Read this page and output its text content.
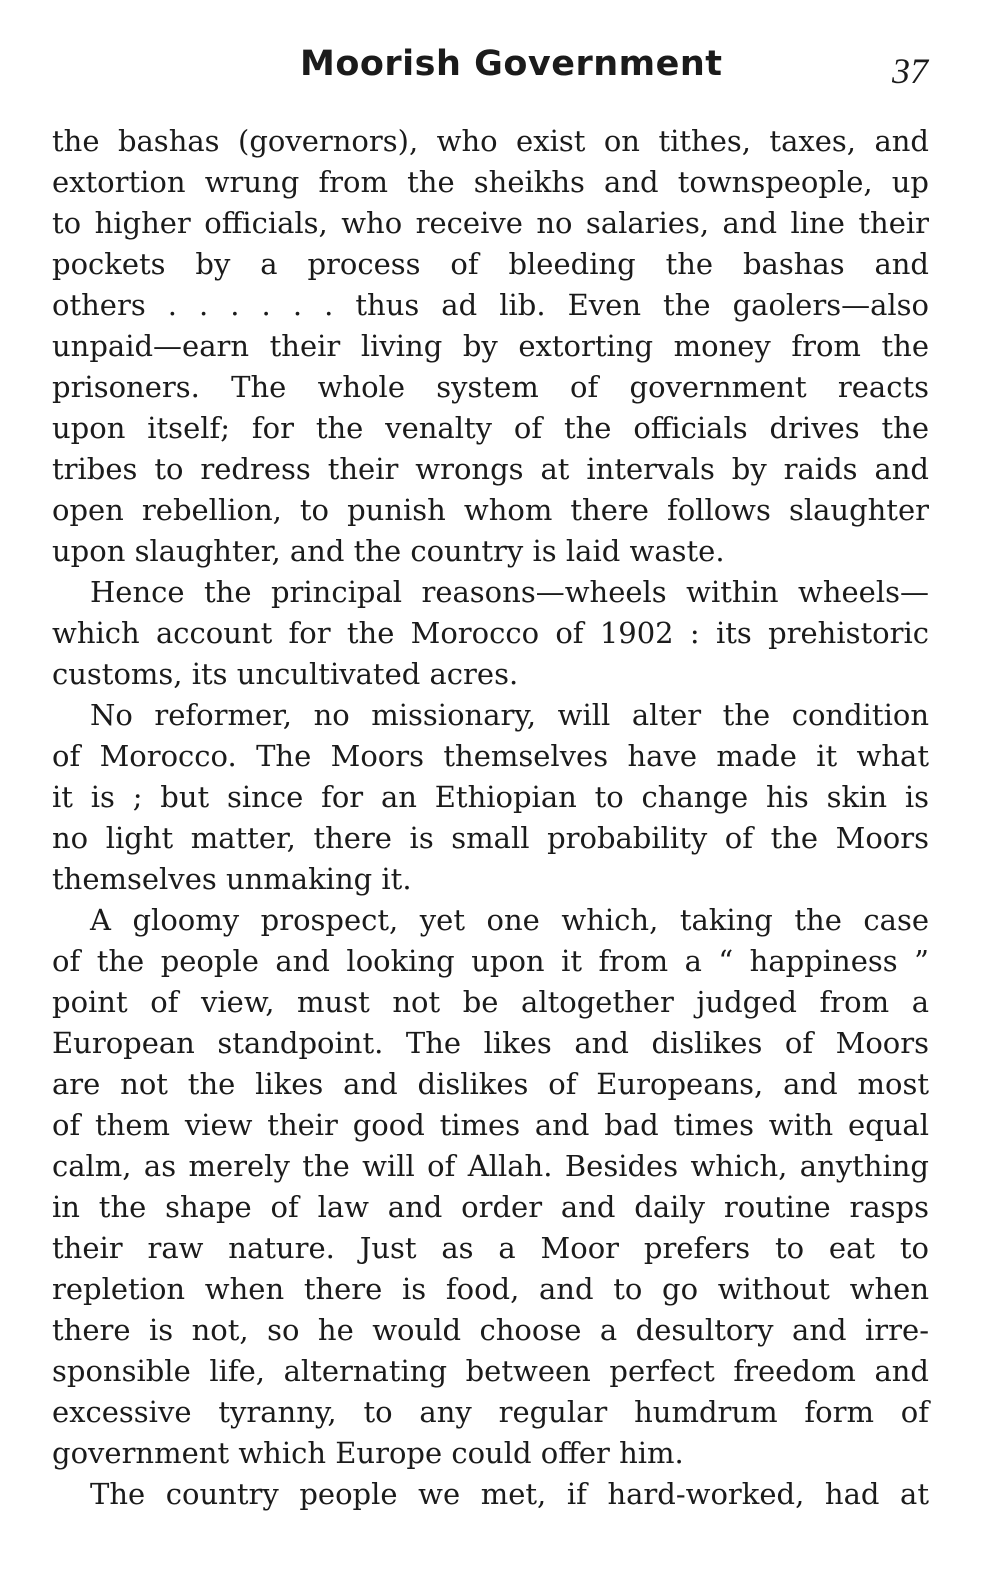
Moorish Government	37
the bashas (governors), who exist on tithes, taxes, and
extortion wrung from the sheikhs and townspeople, up
to higher officials, who receive no salaries, and line their
pockets by a process of bleeding the bashas and
others . . . . . . thus ad lib. Even the gaolers—also
unpaid—earn their living by extorting money from the
prisoners. The whole system of government reacts
upon itself; for the venalty of the officials drives the
tribes to redress their wrongs at intervals by raids and
open rebellion, to punish whom there follows slaughter
upon slaughter, and the country is laid waste.
Hence the principal reasons—wheels within wheels—
which account for the Morocco of 1902 : its prehistoric
customs, its uncultivated acres.
No reformer, no missionary, will alter the condition
of Morocco. The Moors themselves have made it what
it is ; but since for an Ethiopian to change his skin is
no light matter, there is small probability of the Moors
themselves unmaking it.
A gloomy prospect, yet one which, taking the case
of the people and looking upon it from a “ happiness ”
point of view, must not be altogether judged from a
European standpoint. The likes and dislikes of Moors
are not the likes and dislikes of Europeans, and most
of them view their good times and bad times with equal
calm, as merely the will of Allah. Besides which, anything
in the shape of law and order and daily routine rasps
their raw nature. Just as a Moor prefers to eat to
repletion when there is food, and to go without when
there is not, so he would choose a desultory and irre-
sponsible life, alternating between perfect freedom and
excessive tyranny, to any regular humdrum form of
government which Europe could offer him.
The country people we met, if hard-worked, had at
